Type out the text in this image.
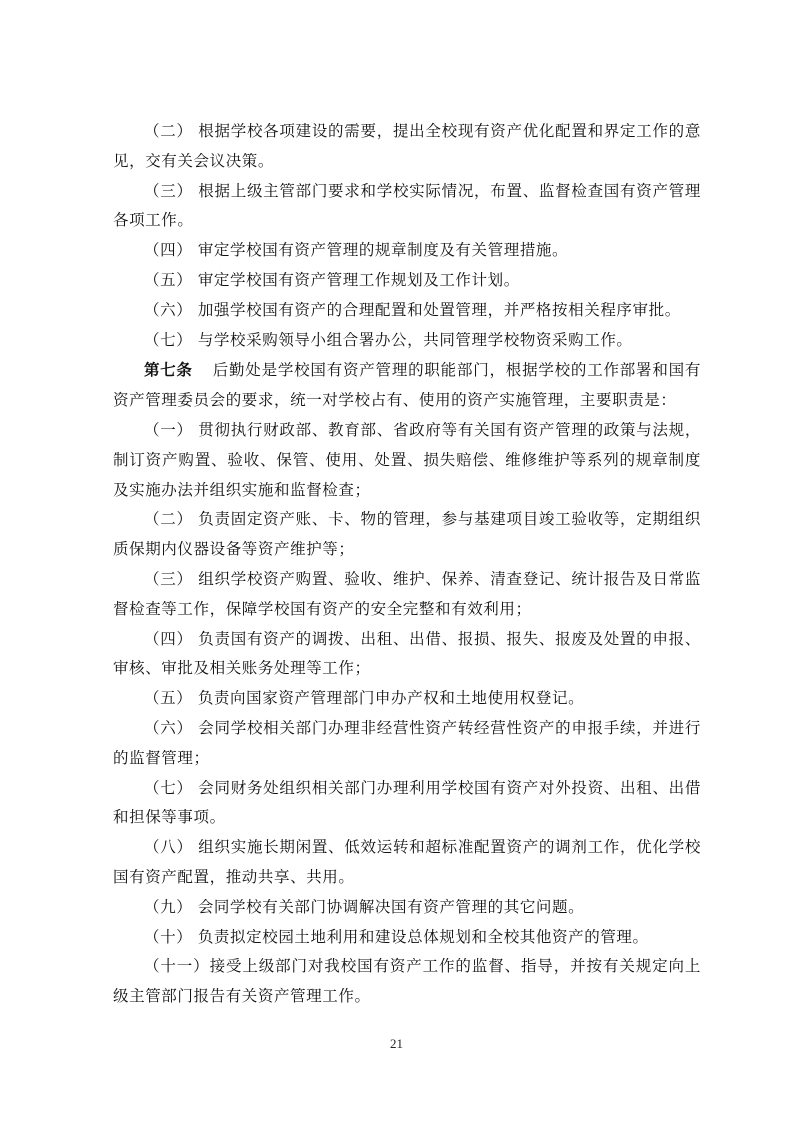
（二） 根据学校各项建设的需要，提出全校现有资产优化配置和界定工作的意见，交有关会议决策。

（三） 根据上级主管部门要求和学校实际情况，布置、监督检查国有资产管理各项工作。

（四） 审定学校国有资产管理的规章制度及有关管理措施。

（五） 审定学校国有资产管理工作规划及工作计划。

（六） 加强学校国有资产的合理配置和处置管理，并严格按相关程序审批。

（七） 与学校采购领导小组合署办公，共同管理学校物资采购工作。

第七条 后勤处是学校国有资产管理的职能部门，根据学校的工作部署和国有资产管理委员会的要求，统一对学校占有、使用的资产实施管理，主要职责是：

（一） 贯彻执行财政部、教育部、省政府等有关国有资产管理的政策与法规，制订资产购置、验收、保管、使用、处置、损失赔偿、维修维护等系列的规章制度及实施办法并组织实施和监督检查；

（二） 负责固定资产账、卡、物的管理，参与基建项目竣工验收等，定期组织质保期内仪器设备等资产维护等；

（三） 组织学校资产购置、验收、维护、保养、清查登记、统计报告及日常监督检查等工作，保障学校国有资产的安全完整和有效利用；

（四） 负责国有资产的调拨、出租、出借、报损、报失、报废及处置的申报、审核、审批及相关账务处理等工作；

（五） 负责向国家资产管理部门申办产权和土地使用权登记。

（六） 会同学校相关部门办理非经营性资产转经营性资产的申报手续，并进行的监督管理；

（七） 会同财务处组织相关部门办理利用学校国有资产对外投资、出租、出借和担保等事项。

（八） 组织实施长期闲置、低效运转和超标准配置资产的调剂工作，优化学校国有资产配置，推动共享、共用。

（九） 会同学校有关部门协调解决国有资产管理的其它问题。

（十） 负责拟定校园土地利用和建设总体规划和全校其他资产的管理。

（十一）接受上级部门对我校国有资产工作的监督、指导，并按有关规定向上级主管部门报告有关资产管理工作。

21
